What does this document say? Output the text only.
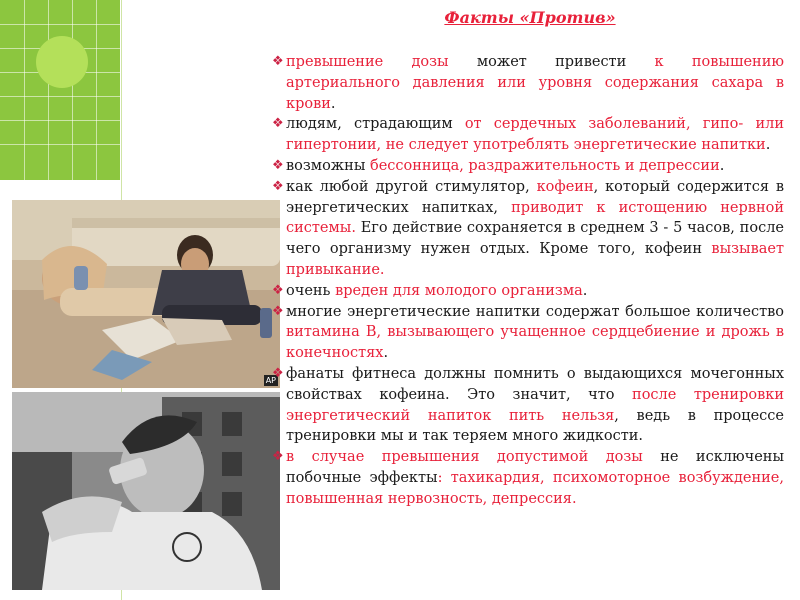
AP
Факты «Против»

❖ превышение дозы может привести к повышению артериального давления или уровня содержания сахара в крови.

❖ людям, страдающим от сердечных заболеваний, гипо- или гипертонии, не следует употреблять энергетические напитки.

❖ возможны бессонница, раздражительность и депрессии.

❖ как любой другой стимулятор, кофеин, который содержится в энергетических напитках, приводит к истощению нервной системы. Его действие сохраняется в среднем 3 - 5 часов, после чего организму нужен отдых. Кроме того, кофеин вызывает привыкание.

❖ очень вреден для молодого организма.

❖ многие энергетические напитки содержат большое количество витамина В, вызывающего учащенное сердцебиение и дрожь в конечностях.

❖ фанаты фитнеса должны помнить о выдающихся мочегонных свойствах кофеина. Это значит, что после тренировки энергетический напиток пить нельзя, ведь в процессе тренировки мы и так теряем много жидкости.

❖ в случае превышения допустимой дозы не исключены побочные эффекты: тахикардия, психомоторное возбуждение, повышенная нервозность, депрессия.
